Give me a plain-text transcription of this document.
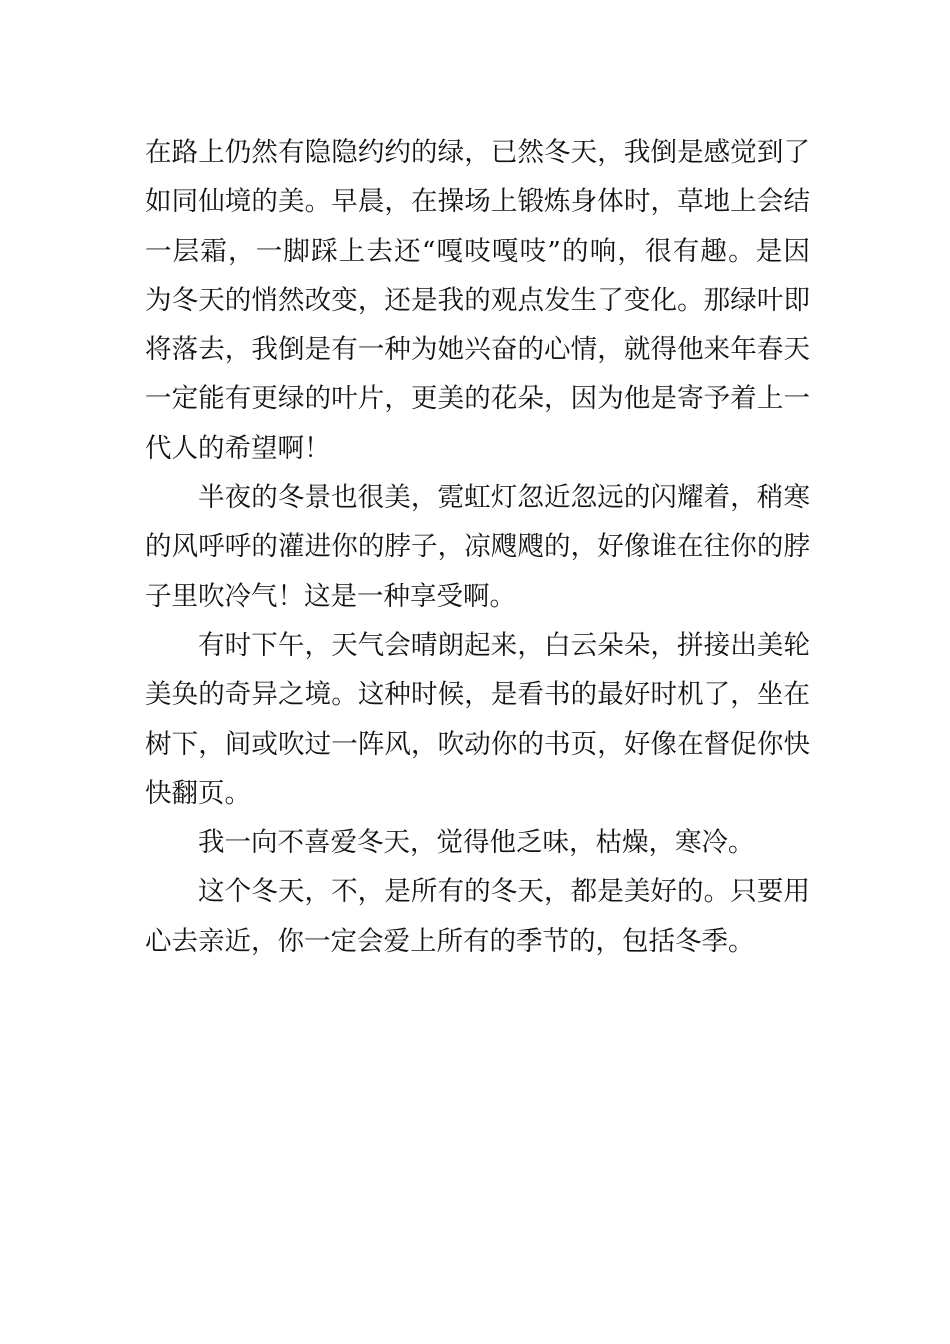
在路上仍然有隐隐约约的绿，已然冬天，我倒是感觉到了
如同仙境的美。早晨，在操场上锻炼身体时，草地上会结
一层霜，一脚踩上去还“嘎吱嘎吱”的响，很有趣。是因
为冬天的悄然改变，还是我的观点发生了变化。那绿叶即
将落去，我倒是有一种为她兴奋的心情，就得他来年春天
一定能有更绿的叶片，更美的花朵，因为他是寄予着上一
代人的希望啊！

半夜的冬景也很美，霓虹灯忽近忽远的闪耀着，稍寒
的风呼呼的灌进你的脖子，凉飕飕的，好像谁在往你的脖
子里吹冷气！这是一种享受啊。

有时下午，天气会晴朗起来，白云朵朵，拼接出美轮
美奂的奇异之境。这种时候，是看书的最好时机了，坐在
树下，间或吹过一阵风，吹动你的书页，好像在督促你快
快翻页。

我一向不喜爱冬天，觉得他乏味，枯燥，寒冷。

这个冬天，不，是所有的冬天，都是美好的。只要用
心去亲近，你一定会爱上所有的季节的，包括冬季。
